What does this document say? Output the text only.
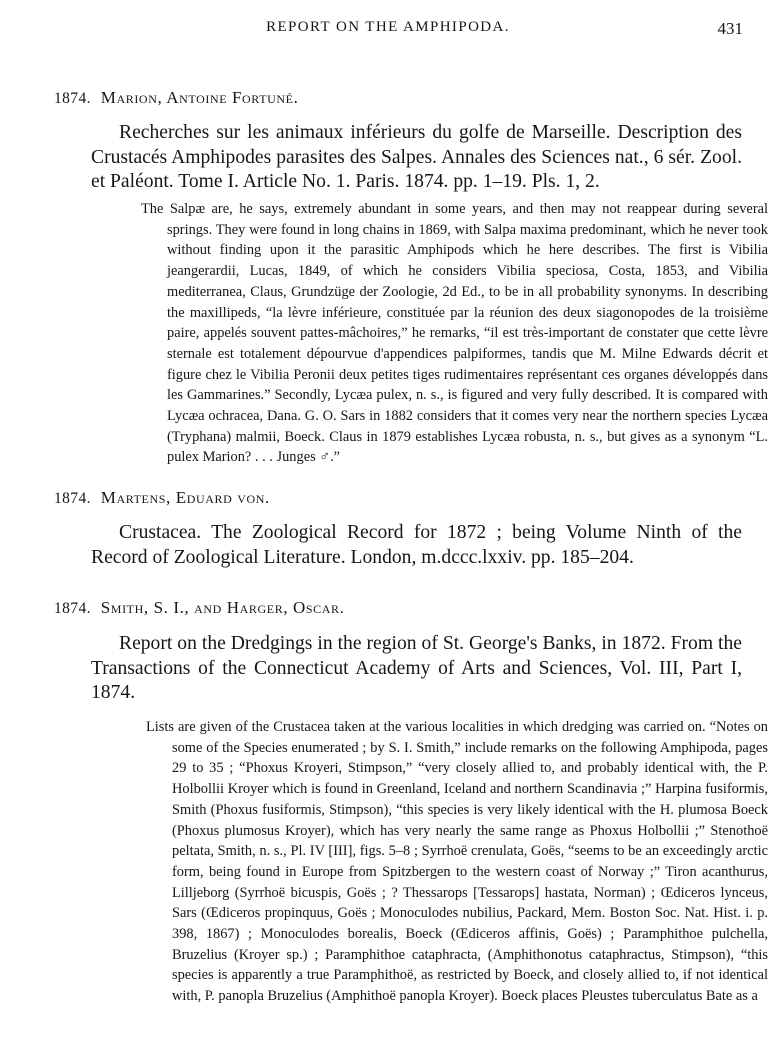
REPORT ON THE AMPHIPODA.	431
1874. Marion, Antoine Fortuné.

Recherches sur les animaux inférieurs du golfe de Marseille. Description des Crustacés Amphipodes parasites des Salpes. Annales des Sciences nat., 6 sér. Zool. et Paléont. Tome I. Article No. 1. Paris. 1874. pp. 1–19. Pls. 1, 2.

The Salpæ are, he says, extremely abundant in some years, and then may not reappear during several springs. They were found in long chains in 1869, with Salpa maxima predominant, which he never took without finding upon it the parasitic Amphipods which he here describes. The first is Vibilia jeangerardii, Lucas, 1849, of which he considers Vibilia speciosa, Costa, 1853, and Vibilia mediterranea, Claus, Grundzüge der Zoologie, 2d Ed., to be in all probability synonyms. In describing the maxillipeds, “la lèvre inférieure, constituée par la réunion des deux siagonopodes de la troisième paire, appelés souvent pattes-mâchoires,” he remarks, “il est très-important de constater que cette lèvre sternale est totalement dépourvue d'appendices palpiformes, tandis que M. Milne Edwards décrit et figure chez le Vibilia Peronii deux petites tiges rudimentaires représentant ces organes développés dans les Gammarines.” Secondly, Lycæa pulex, n. s., is figured and very fully described. It is compared with Lycæa ochracea, Dana. G. O. Sars in 1882 considers that it comes very near the northern species Lycæa (Tryphana) malmii, Boeck. Claus in 1879 establishes Lycæa robusta, n. s., but gives as a synonym “L. pulex Marion? . . . Junges ♂.”

1874. Martens, Eduard von.

Crustacea. The Zoological Record for 1872 ; being Volume Ninth of the Record of Zoological Literature. London, m.dccc.lxxiv. pp. 185–204.

1874. Smith, S. I., and Harger, Oscar.

Report on the Dredgings in the region of St. George's Banks, in 1872. From the Transactions of the Connecticut Academy of Arts and Sciences, Vol. III, Part I, 1874.

Lists are given of the Crustacea taken at the various localities in which dredging was carried on. “Notes on some of the Species enumerated ; by S. I. Smith,” include remarks on the following Amphipoda, pages 29 to 35 ; “Phoxus Kroyeri, Stimpson,” “very closely allied to, and probably identical with, the P. Holbollii Kroyer which is found in Greenland, Iceland and northern Scandinavia ;” Harpina fusiformis, Smith (Phoxus fusiformis, Stimpson), “this species is very likely identical with the H. plumosa Boeck (Phoxus plumosus Kroyer), which has very nearly the same range as Phoxus Holbollii ;” Stenothoë peltata, Smith, n. s., Pl. IV [III], figs. 5–8 ; Syrrhoë crenulata, Goës, “seems to be an exceedingly arctic form, being found in Europe from Spitzbergen to the western coast of Norway ;” Tiron acanthurus, Lilljeborg (Syrrhoë bicuspis, Goës ; ? Thessarops [Tessarops] hastata, Norman) ; Œdiceros lynceus, Sars (Œdiceros propinquus, Goës ; Monoculodes nubilius, Packard, Mem. Boston Soc. Nat. Hist. i. p. 398, 1867) ; Monoculodes borealis, Boeck (Œdiceros affinis, Goës) ; Paramphithoe pulchella, Bruzelius (Kroyer sp.) ; Paramphithoe cataphracta, (Amphithonotus cataphractus, Stimpson), “this species is apparently a true Paramphithoë, as restricted by Boeck, and closely allied to, if not identical with, P. panopla Bruzelius (Amphithoë panopla Kroyer). Boeck places Pleustes tuberculatus Bate as a
